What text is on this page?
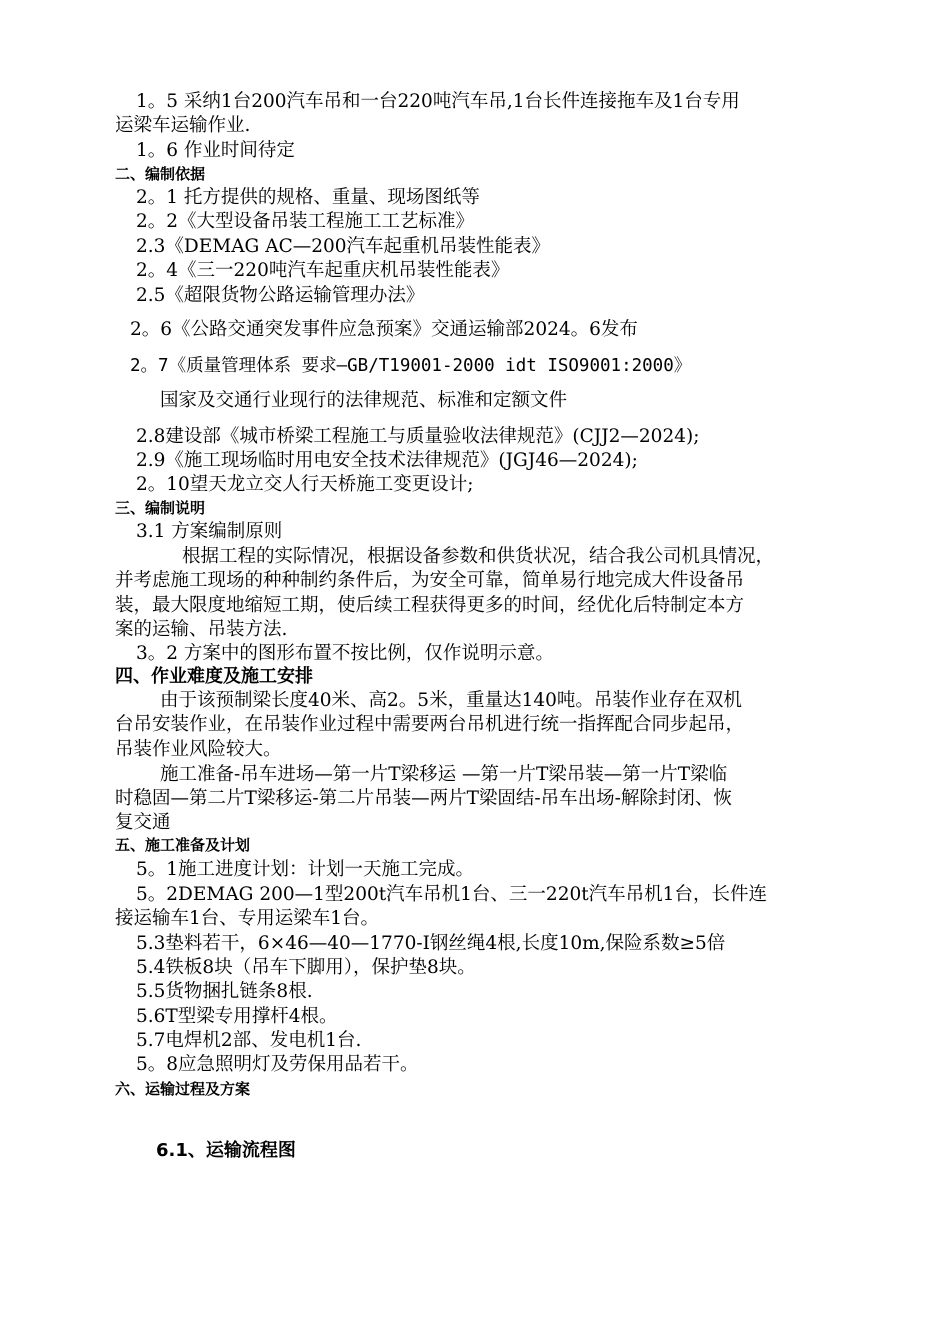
1。5 采纳1台200汽车吊和一台220吨汽车吊,1台长件连接拖车及1台专用
运梁车运输作业.
1。6 作业时间待定
二、编制依据
2。1 托方提供的规格、重量、现场图纸等
2。2《大型设备吊装工程施工工艺标准》
2.3《DEMAG AC—200汽车起重机吊装性能表》
2。4《三一220吨汽车起重庆机吊装性能表》
2.5《超限货物公路运输管理办法》
2。6《公路交通突发事件应急预案》交通运输部2024。6发布
2。7《质量管理体系 要求—GB/T19001-2000 idt ISO9001:2000》
国家及交通行业现行的法律规范、标准和定额文件
2.8建设部《城市桥梁工程施工与质量验收法律规范》(CJJ2—2024);
2.9《施工现场临时用电安全技术法律规范》(JGJ46—2024);
2。10望天龙立交人行天桥施工变更设计;
三、编制说明
3.1 方案编制原则
根据工程的实际情况，根据设备参数和供货状况，结合我公司机具情况，
并考虑施工现场的种种制约条件后，为安全可靠，简单易行地完成大件设备吊
装，最大限度地缩短工期，使后续工程获得更多的时间，经优化后特制定本方
案的运输、吊装方法.
3。2 方案中的图形布置不按比例，仅作说明示意。
四、作业难度及施工安排
由于该预制梁长度40米、高2。5米，重量达140吨。吊装作业存在双机
台吊安装作业，在吊装作业过程中需要两台吊机进行统一指挥配合同步起吊，
吊装作业风险较大。
施工准备-吊车进场—第一片T梁移运 —第一片T梁吊装—第一片T梁临
时稳固—第二片T梁移运-第二片吊装—两片T梁固结-吊车出场-解除封闭、恢
复交通
五、施工准备及计划
5。1施工进度计划：计划一天施工完成。
5。2DEMAG 200—1型200t汽车吊机1台、三一220t汽车吊机1台，长件连
接运输车1台、专用运梁车1台。
5.3垫料若干，6×46—40—1770-I钢丝绳4根,长度10m,保险系数≥5倍
5.4铁板8块（吊车下脚用），保护垫8块。
5.5货物捆扎链条8根.
5.6T型梁专用撑杆4根。
5.7电焊机2部、发电机1台.
5。8应急照明灯及劳保用品若干。
六、运输过程及方案
6.1、运输流程图
